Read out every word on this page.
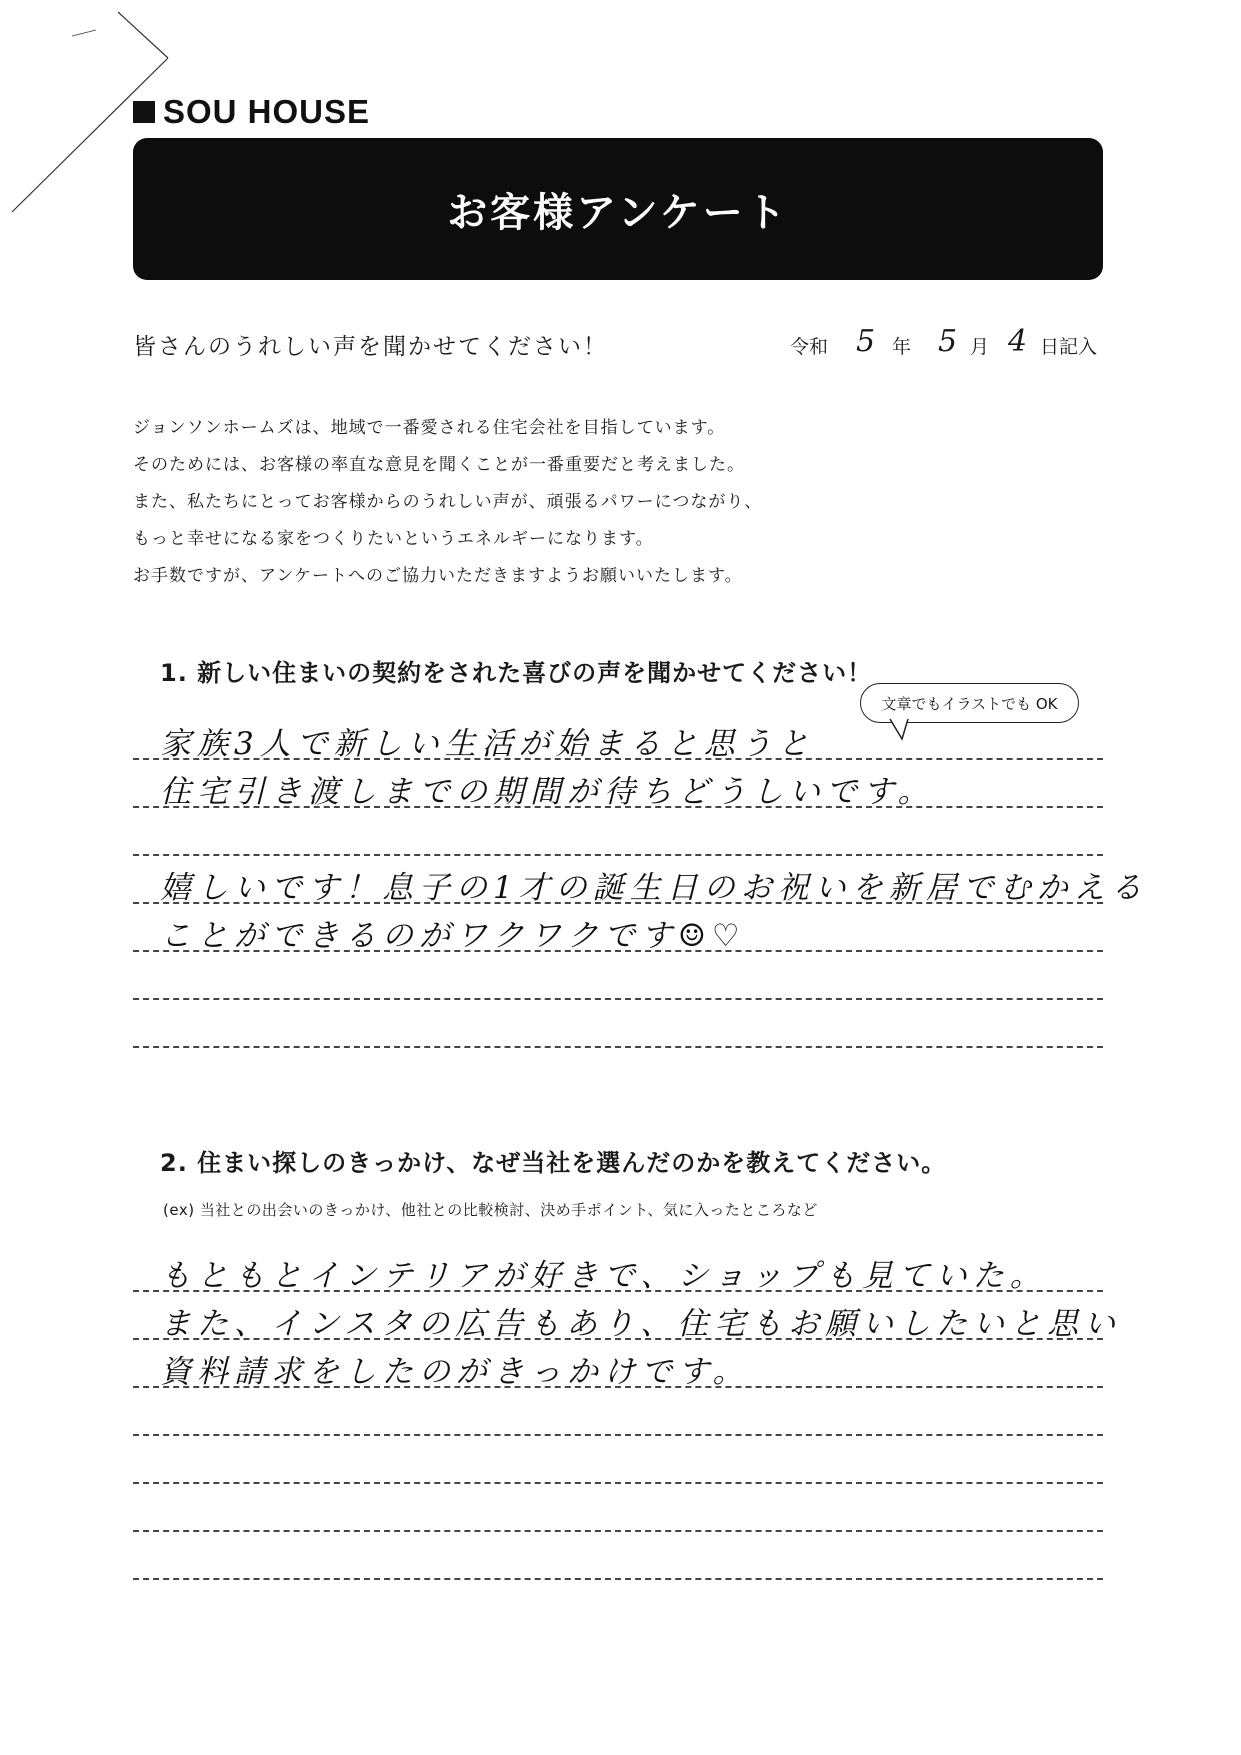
SOU HOUSE
お客様アンケート
皆さんのうれしい声を聞かせてください！	令和 5 年 5 月 4 日記入
ジョンソンホームズは、地域で一番愛される住宅会社を目指しています。
そのためには、お客様の率直な意見を聞くことが一番重要だと考えました。
また、私たちにとってお客様からのうれしい声が、頑張るパワーにつながり、
もっと幸せになる家をつくりたいというエネルギーになります。
お手数ですが、アンケートへのご協力いただきますようお願いいたします。
1. 新しい住まいの契約をされた喜びの声を聞かせてください！
文章でもイラストでも OK
家族3人で新しい生活が始まると思うと
住宅引き渡しまでの期間が待ちどうしいです。
嬉しいです！息子の1才の誕生日のお祝いを新居でむかえる
ことができるのがワクワクです☺♡
2. 住まい探しのきっかけ、なぜ当社を選んだのかを教えてください。
(ex) 当社との出会いのきっかけ、他社との比較検討、決め手ポイント、気に入ったところなど
もともとインテリアが好きで、ショップも見ていた。
また、インスタの広告もあり、住宅もお願いしたいと思い
資料請求をしたのがきっかけです。
